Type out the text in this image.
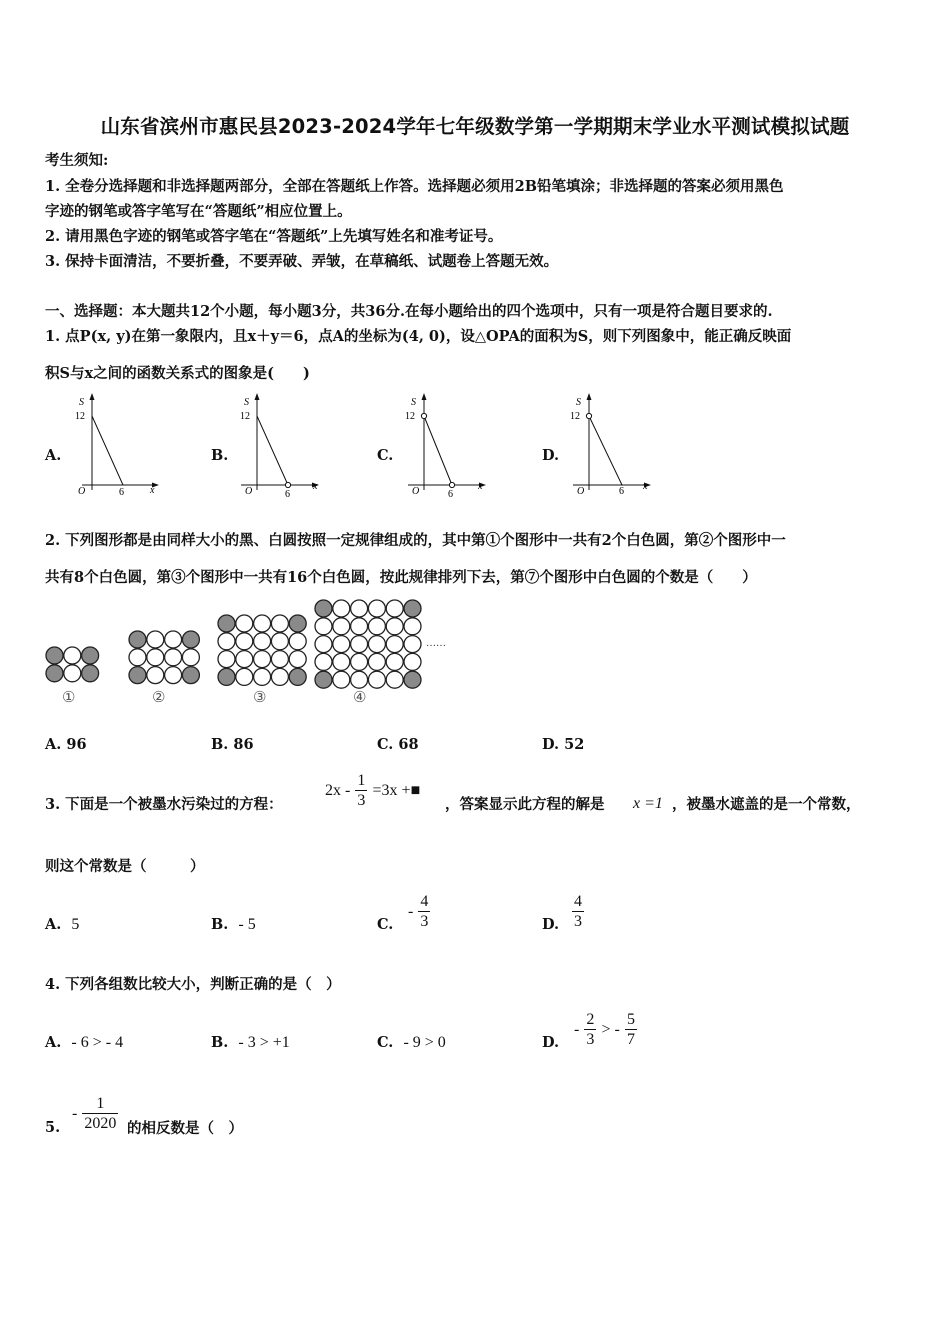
山东省滨州市惠民县2023-2024学年七年级数学第一学期期末学业水平测试模拟试题
考生须知:
1. 全卷分选择题和非选择题两部分，全部在答题纸上作答。选择题必须用2B铅笔填涂；非选择题的答案必须用黑色
字迹的钢笔或答字笔写在“答题纸”相应位置上。
2. 请用黑色字迹的钢笔或答字笔在“答题纸”上先填写姓名和准考证号。
3. 保持卡面清洁，不要折叠，不要弄破、弄皱，在草稿纸、试题卷上答题无效。
一、选择题：本大题共12个小题，每小题3分，共36分.在每小题给出的四个选项中，只有一项是符合题目要求的.
1. 点P(x, y)在第一象限内，且x＋y＝6，点A的坐标为(4, 0)，设△OPA的面积为S，则下列图象中，能正确反映面
积S与x之间的函数关系式的图象是(　　)
A.	B.	C.	D.
S
12
O	6	x
S
12
O	6
x
S
12
O	6
x
S
12
O	6 x
2. 下列图形都是由同样大小的黑、白圆按照一定规律组成的，其中第①个图形中一共有2个白色圆，第②个图形中一
共有8个白色圆，第③个图形中一共有16个白色圆，按此规律排列下去，第⑦个图形中白色圆的个数是（　　）
……
①	②	③	④
A. 96	B. 86	C. 68	D. 52
3. 下面是一个被墨水污染过的方程：
$2x - \frac{1}{3} =3x$ +■
，答案显示此方程的解是 x =1 ，被墨水遮盖的是一个常数，
则这个常数是（　　　）
A. 5	B. - 5	C.
- $\frac{4}{3}$	D. $\frac{4}{3}$
4. 下列各组数比较大小，判断正确的是（　）
A. - 6 > - 4	B. - 3 > +1	C. - 9 > 0	D.
- $\frac{2}{3}$ > - $\frac{5}{7}$
5.
- $\frac{1}{2020}$ 的相反数是（　）
